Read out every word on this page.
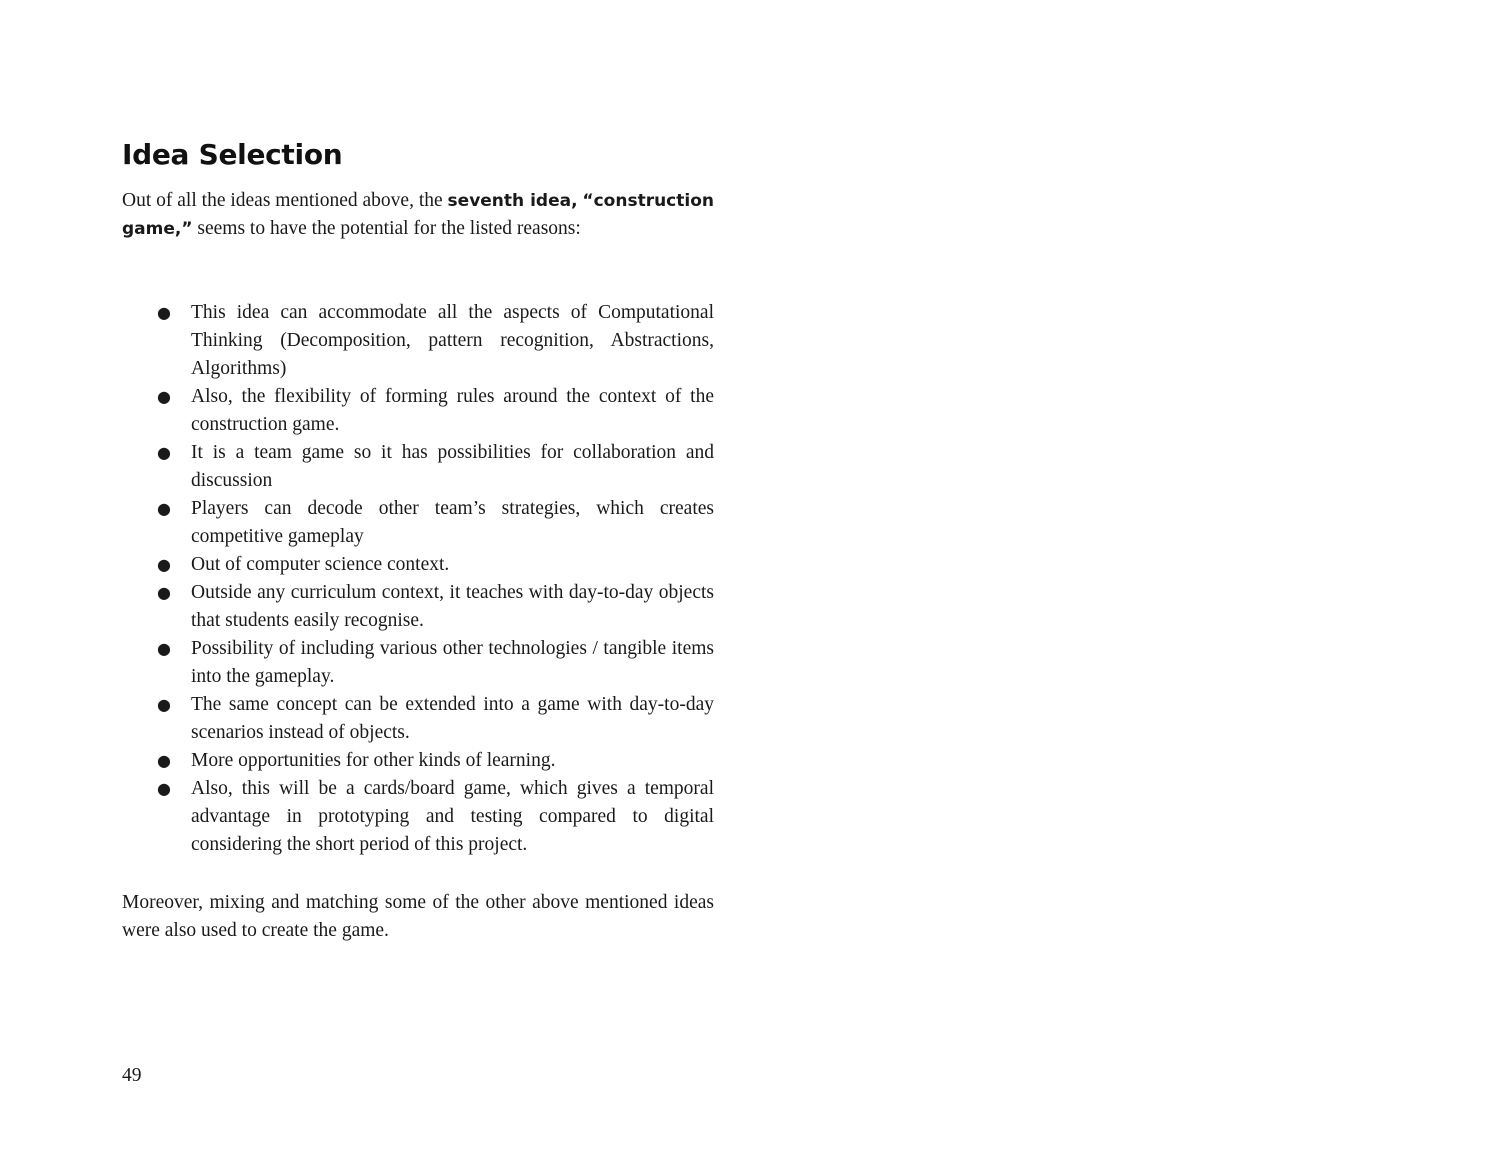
Idea Selection

Out of all the ideas mentioned above, the seventh idea, “construction game,” seems to have the potential for the listed reasons:

● This idea can accommodate all the aspects of Computational Thinking (Decomposition, pattern recognition, Abstractions, Algorithms)
● Also, the flexibility of forming rules around the context of the construction game.
● It is a team game so it has possibilities for collaboration and discussion
● Players can decode other team’s strategies, which creates competitive gameplay
● Out of computer science context.
● Outside any curriculum context, it teaches with day-to-day objects that students easily recognise.
● Possibility of including various other technologies / tangible items into the gameplay.
● The same concept can be extended into a game with day-to-day scenarios instead of objects.
● More opportunities for other kinds of learning.
● Also, this will be a cards/board game, which gives a temporal advantage in prototyping and testing compared to digital considering the short period of this project.

Moreover, mixing and matching some of the other above mentioned ideas were also used to create the game.

49
